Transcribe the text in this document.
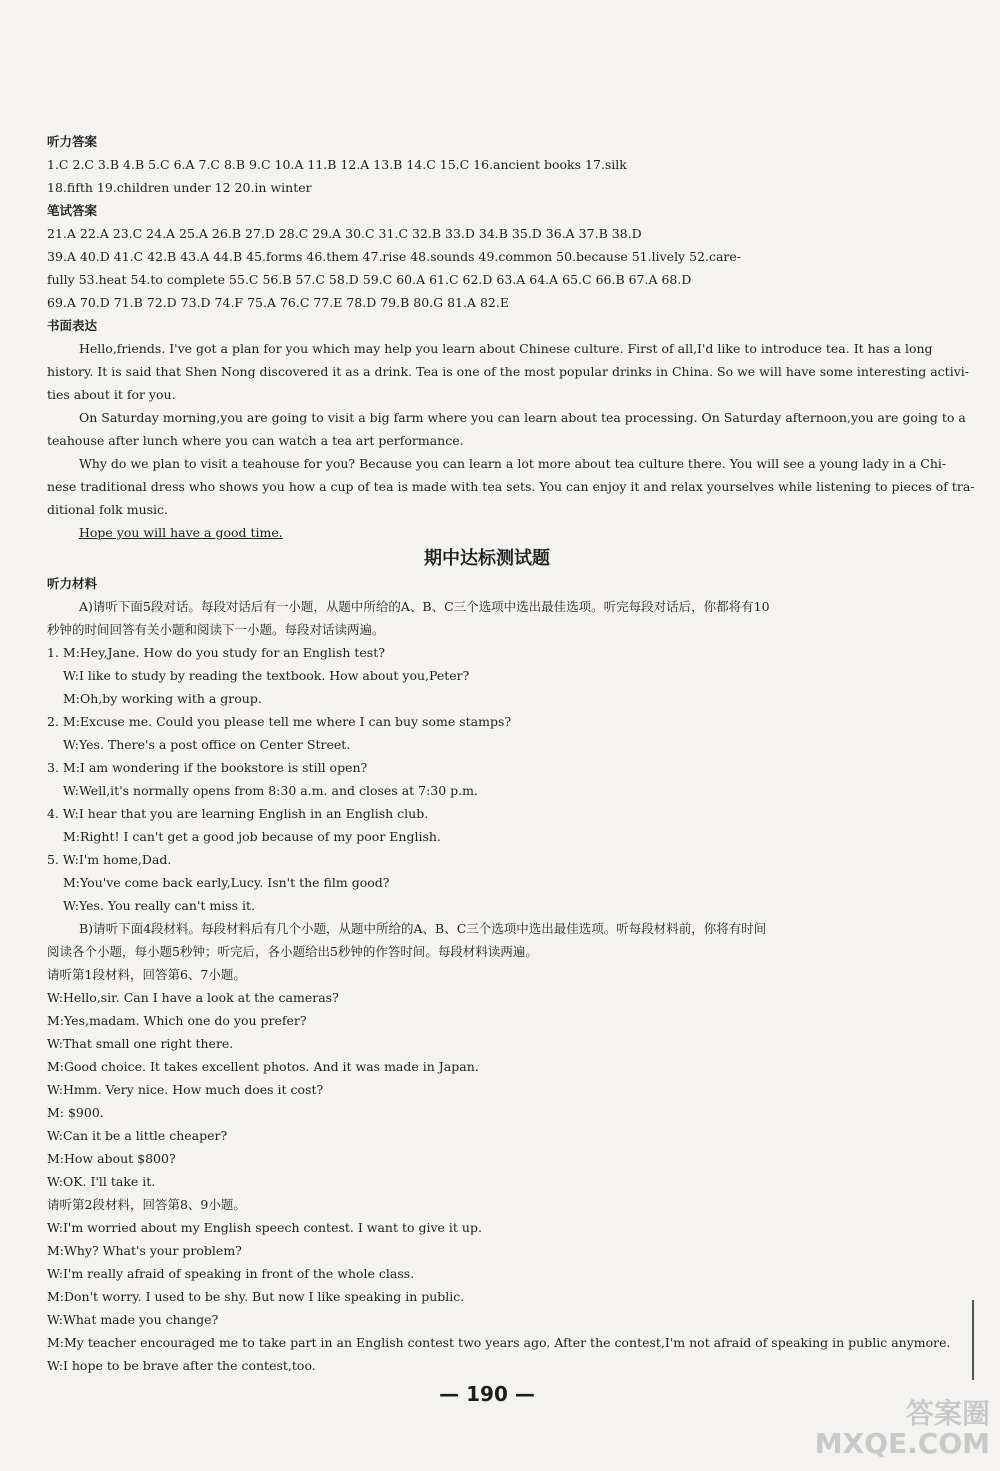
听力答案
1.C 2.C 3.B 4.B 5.C 6.A 7.C 8.B 9.C 10.A 11.B 12.A 13.B 14.C 15.C 16.ancient books 17.silk
18.fifth 19.children under 12 20.in winter
笔试答案
21.A 22.A 23.C 24.A 25.A 26.B 27.D 28.C 29.A 30.C 31.C 32.B 33.D 34.B 35.D 36.A 37.B 38.D
39.A 40.D 41.C 42.B 43.A 44.B 45.forms 46.them 47.rise 48.sounds 49.common 50.because 51.lively 52.care-
fully 53.heat 54.to complete 55.C 56.B 57.C 58.D 59.C 60.A 61.C 62.D 63.A 64.A 65.C 66.B 67.A 68.D
69.A 70.D 71.B 72.D 73.D 74.F 75.A 76.C 77.E 78.D 79.B 80.G 81.A 82.E
书面表达
Hello,friends. I've got a plan for you which may help you learn about Chinese culture. First of all,I'd like to introduce tea. It has a long
history. It is said that Shen Nong discovered it as a drink. Tea is one of the most popular drinks in China. So we will have some interesting activi-
ties about it for you.
On Saturday morning,you are going to visit a big farm where you can learn about tea processing. On Saturday afternoon,you are going to a
teahouse after lunch where you can watch a tea art performance.
Why do we plan to visit a teahouse for you? Because you can learn a lot more about tea culture there. You will see a young lady in a Chi-
nese traditional dress who shows you how a cup of tea is made with tea sets. You can enjoy it and relax yourselves while listening to pieces of tra-
ditional folk music.
Hope you will have a good time.
期中达标测试题
听力材料
A)请听下面5段对话。每段对话后有一小题，从题中所给的A、B、C三个选项中选出最佳选项。听完每段对话后，你都将有10
秒钟的时间回答有关小题和阅读下一小题。每段对话读两遍。
1. M:Hey,Jane. How do you study for an English test?
W:I like to study by reading the textbook. How about you,Peter?
M:Oh,by working with a group.
2. M:Excuse me. Could you please tell me where I can buy some stamps?
W:Yes. There's a post office on Center Street.
3. M:I am wondering if the bookstore is still open?
W:Well,it's normally opens from 8:30 a.m. and closes at 7:30 p.m.
4. W:I hear that you are learning English in an English club.
M:Right! I can't get a good job because of my poor English.
5. W:I'm home,Dad.
M:You've come back early,Lucy. Isn't the film good?
W:Yes. You really can't miss it.
B)请听下面4段材料。每段材料后有几个小题，从题中所给的A、B、C三个选项中选出最佳选项。听每段材料前，你将有时间
阅读各个小题，每小题5秒钟；听完后，各小题给出5秒钟的作答时间。每段材料读两遍。
请听第1段材料，回答第6、7小题。
W:Hello,sir. Can I have a look at the cameras?
M:Yes,madam. Which one do you prefer?
W:That small one right there.
M:Good choice. It takes excellent photos. And it was made in Japan.
W:Hmm. Very nice. How much does it cost?
M: $900.
W:Can it be a little cheaper?
M:How about $800?
W:OK. I'll take it.
请听第2段材料，回答第8、9小题。
W:I'm worried about my English speech contest. I want to give it up.
M:Why? What's your problem?
W:I'm really afraid of speaking in front of the whole class.
M:Don't worry. I used to be shy. But now I like speaking in public.
W:What made you change?
M:My teacher encouraged me to take part in an English contest two years ago. After the contest,I'm not afraid of speaking in public anymore.
W:I hope to be brave after the contest,too.
— 190 —
答案圈
MXQE.COM
